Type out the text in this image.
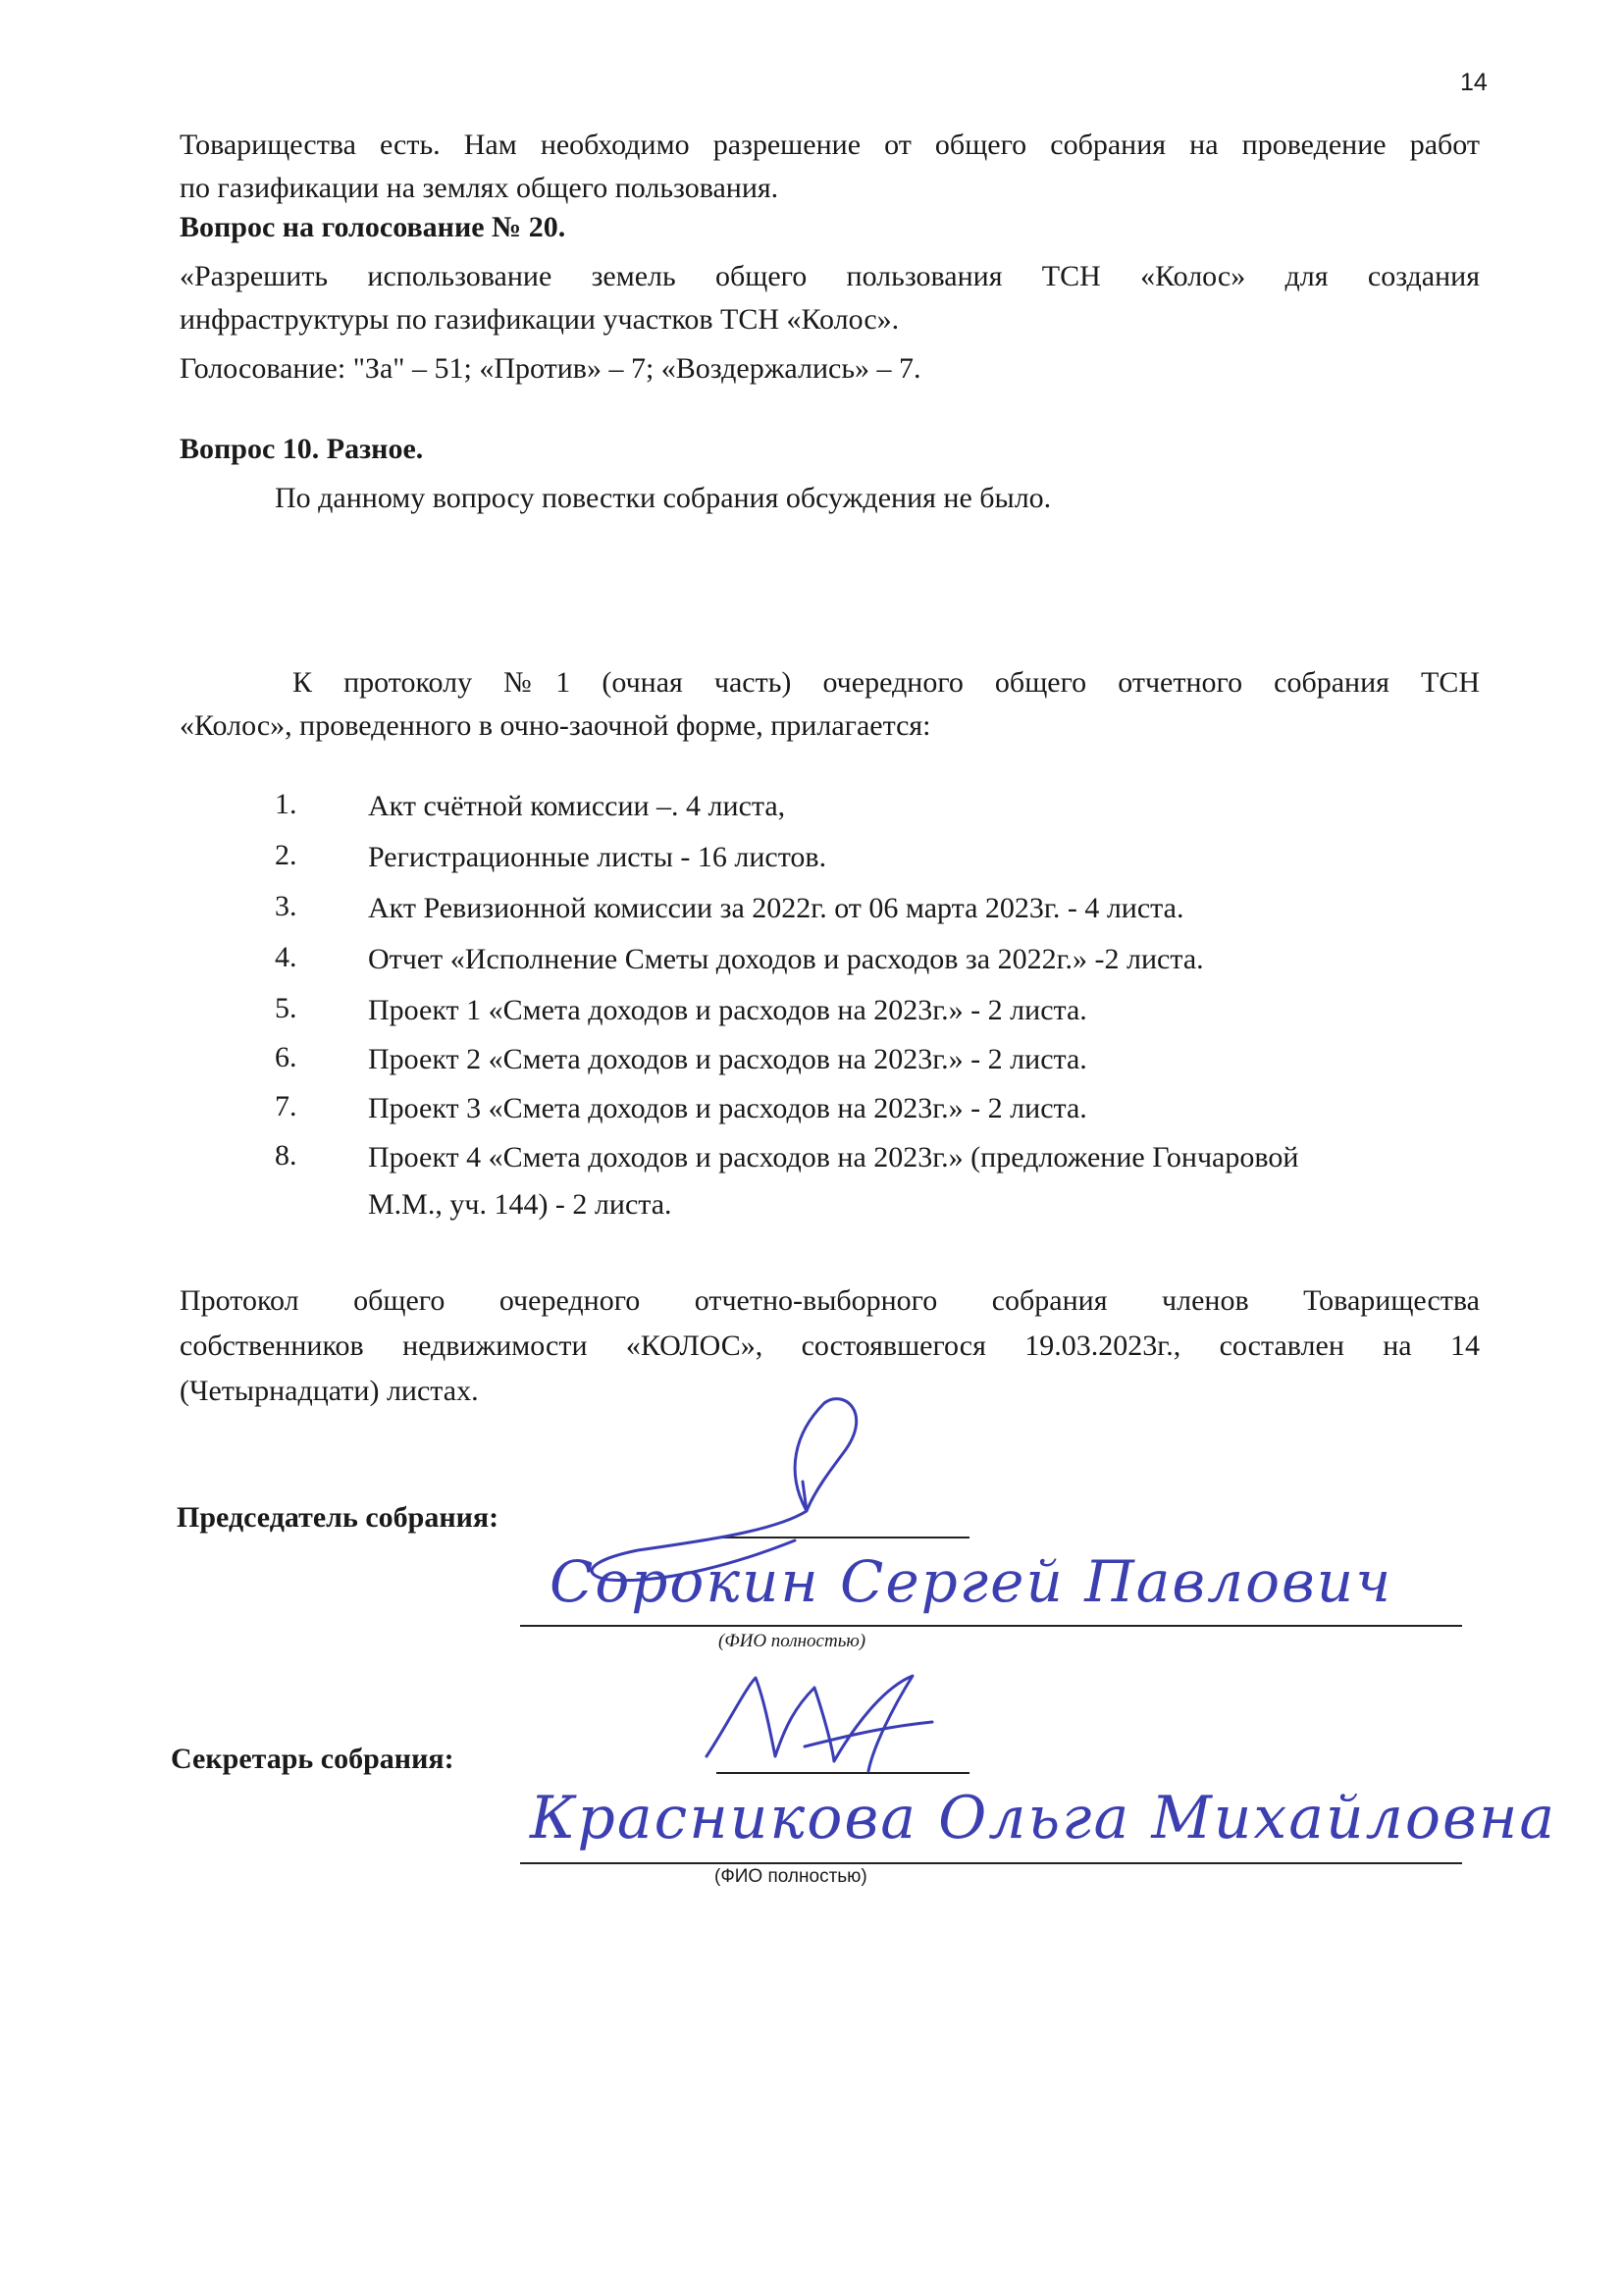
14
Товарищества есть. Нам необходимо разрешение от общего собрания на проведение работ
по газификации на землях общего пользования.
Вопрос на голосование № 20.
«Разрешить использование земель общего пользования ТСН «Колос» для создания
инфраструктуры по газификации участков ТСН «Колос».
Голосование: "За" – 51; «Против» – 7; «Воздержались» – 7.
Вопрос 10. Разное.
По данному вопросу повестки собрания обсуждения не было.
К протоколу №1 (очная часть) очередного общего отчетного собрания ТСН
«Колос», проведенного в очно-заочной форме, прилагается:
1. Акт счётной комиссии –. 4 листа,
2. Регистрационные листы - 16 листов.
3. Акт Ревизионной комиссии за 2022г. от 06 марта 2023г. - 4 листа.
4. Отчет «Исполнение Сметы доходов и расходов за 2022г.» -2 листа.
5. Проект 1 «Смета доходов и расходов на 2023г.» - 2 листа.
6. Проект 2 «Смета доходов и расходов на 2023г.» - 2 листа.
7. Проект 3 «Смета доходов и расходов на 2023г.» - 2 листа.
8. Проект 4 «Смета доходов и расходов на 2023г.» (предложение Гончаровой
М.М., уч. 144) - 2 листа.
Протокол общего очередного отчетно-выборного собрания членов Товарищества
собственников недвижимости «КОЛОС», состоявшегося 19.03.2023г., составлен на 14
(Четырнадцати) листах.
Председатель собрания:
Сорокин Сергей Павлович
(ФИО полностью)
Секретарь собрания:
Красникова Ольга Михайловна
(ФИО полностью)
